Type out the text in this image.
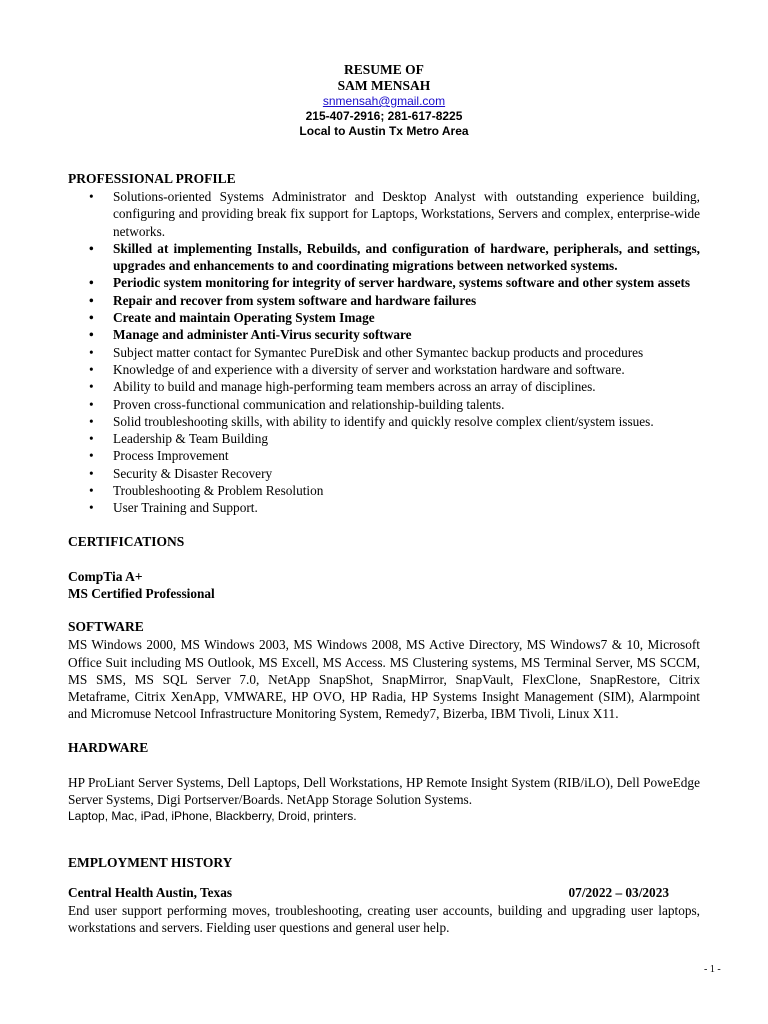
RESUME OF
SAM MENSAH
snmensah@gmail.com
215-407-2916; 281-617-8225
Local to Austin Tx Metro Area
PROFESSIONAL PROFILE
• Solutions-oriented Systems Administrator and Desktop Analyst with outstanding experience building, configuring and providing break fix support for Laptops, Workstations, Servers and complex, enterprise-wide networks.
• Skilled at implementing Installs, Rebuilds, and configuration of hardware, peripherals, and settings, upgrades and enhancements to and coordinating migrations between networked systems.
• Periodic system monitoring for integrity of server hardware, systems software and other system assets
• Repair and recover from system software and hardware failures
• Create and maintain Operating System Image
• Manage and administer Anti-Virus security software
• Subject matter contact for Symantec PureDisk and other Symantec backup products and procedures
• Knowledge of and experience with a diversity of server and workstation hardware and software.
• Ability to build and manage high-performing team members across an array of disciplines.
• Proven cross-functional communication and relationship-building talents.
• Solid troubleshooting skills, with ability to identify and quickly resolve complex client/system issues.
• Leadership & Team Building
• Process Improvement
• Security & Disaster Recovery
• Troubleshooting & Problem Resolution
• User Training and Support.
CERTIFICATIONS
CompTia A+
MS Certified Professional
SOFTWARE
MS Windows 2000, MS Windows 2003, MS Windows 2008, MS Active Directory, MS Windows7 & 10, Microsoft Office Suit including MS Outlook, MS Excell, MS Access. MS Clustering systems, MS Terminal Server, MS SCCM, MS SMS, MS SQL Server 7.0, NetApp SnapShot, SnapMirror, SnapVault, FlexClone, SnapRestore, Citrix Metaframe, Citrix XenApp, VMWARE, HP OVO, HP Radia, HP Systems Insight Management (SIM), Alarmpoint and Micromuse Netcool Infrastructure Monitoring System, Remedy7, Bizerba, IBM Tivoli, Linux X11.
HARDWARE
HP ProLiant Server Systems, Dell Laptops, Dell Workstations, HP Remote Insight System (RIB/iLO), Dell PoweEdge Server Systems, Digi Portserver/Boards. NetApp Storage Solution Systems.
Laptop, Mac, iPad, iPhone, Blackberry, Droid, printers.
EMPLOYMENT HISTORY
Central Health Austin, Texas	07/2022 – 03/2023
End user support performing moves, troubleshooting, creating user accounts, building and upgrading user laptops, workstations and servers. Fielding user questions and general user help.
- 1 -
